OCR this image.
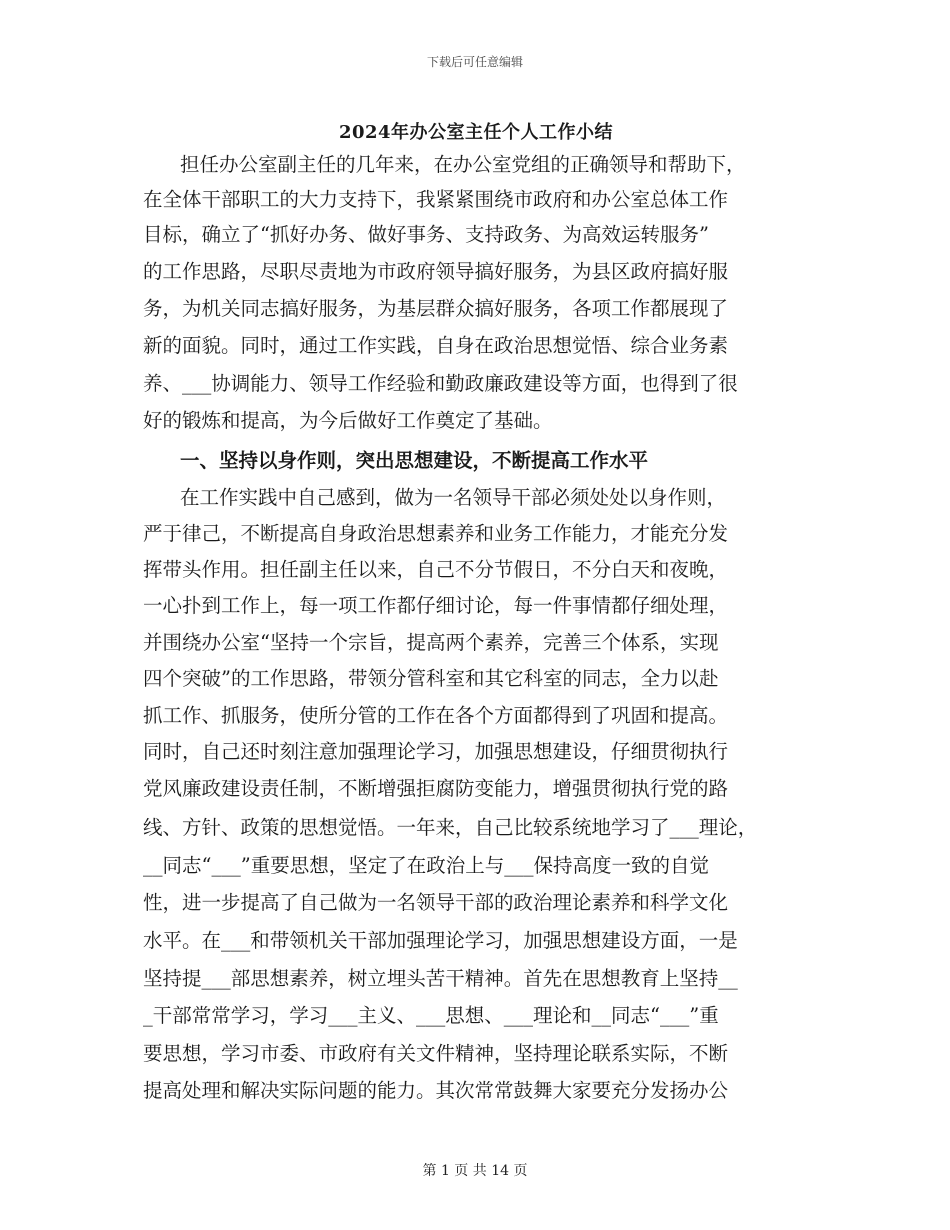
下载后可任意编辑
2024年办公室主任个人工作小结
担任办公室副主任的几年来，在办公室党组的正确领导和帮助下，
在全体干部职工的大力支持下，我紧紧围绕市政府和办公室总体工作
目标，确立了“抓好办务、做好事务、支持政务、为高效运转服务”
的工作思路，尽职尽责地为市政府领导搞好服务，为县区政府搞好服
务，为机关同志搞好服务，为基层群众搞好服务，各项工作都展现了
新的面貌。同时，通过工作实践，自身在政治思想觉悟、综合业务素
养、___协调能力、领导工作经验和勤政廉政建设等方面，也得到了很
好的锻炼和提高，为今后做好工作奠定了基础。
一、坚持以身作则，突出思想建设，不断提高工作水平
在工作实践中自己感到，做为一名领导干部必须处处以身作则，
严于律己，不断提高自身政治思想素养和业务工作能力，才能充分发
挥带头作用。担任副主任以来，自己不分节假日，不分白天和夜晚，
一心扑到工作上，每一项工作都仔细讨论，每一件事情都仔细处理，
并围绕办公室“坚持一个宗旨，提高两个素养，完善三个体系，实现
四个突破”的工作思路，带领分管科室和其它科室的同志，全力以赴
抓工作、抓服务，使所分管的工作在各个方面都得到了巩固和提高。
同时，自己还时刻注意加强理论学习，加强思想建设，仔细贯彻执行
党风廉政建设责任制，不断增强拒腐防变能力，增强贯彻执行党的路
线、方针、政策的思想觉悟。一年来，自己比较系统地学习了___理论，
__同志“___”重要思想，坚定了在政治上与___保持高度一致的自觉
性，进一步提高了自己做为一名领导干部的政治理论素养和科学文化
水平。在___和带领机关干部加强理论学习，加强思想建设方面，一是
坚持提___部思想素养，树立埋头苦干精神。首先在思想教育上坚持__
_干部常常学习，学习___主义、___思想、___理论和__同志“___”重
要思想，学习市委、市政府有关文件精神，坚持理论联系实际，不断
提高处理和解决实际问题的能力。其次常常鼓舞大家要充分发扬办公
第 1 页 共 14 页
